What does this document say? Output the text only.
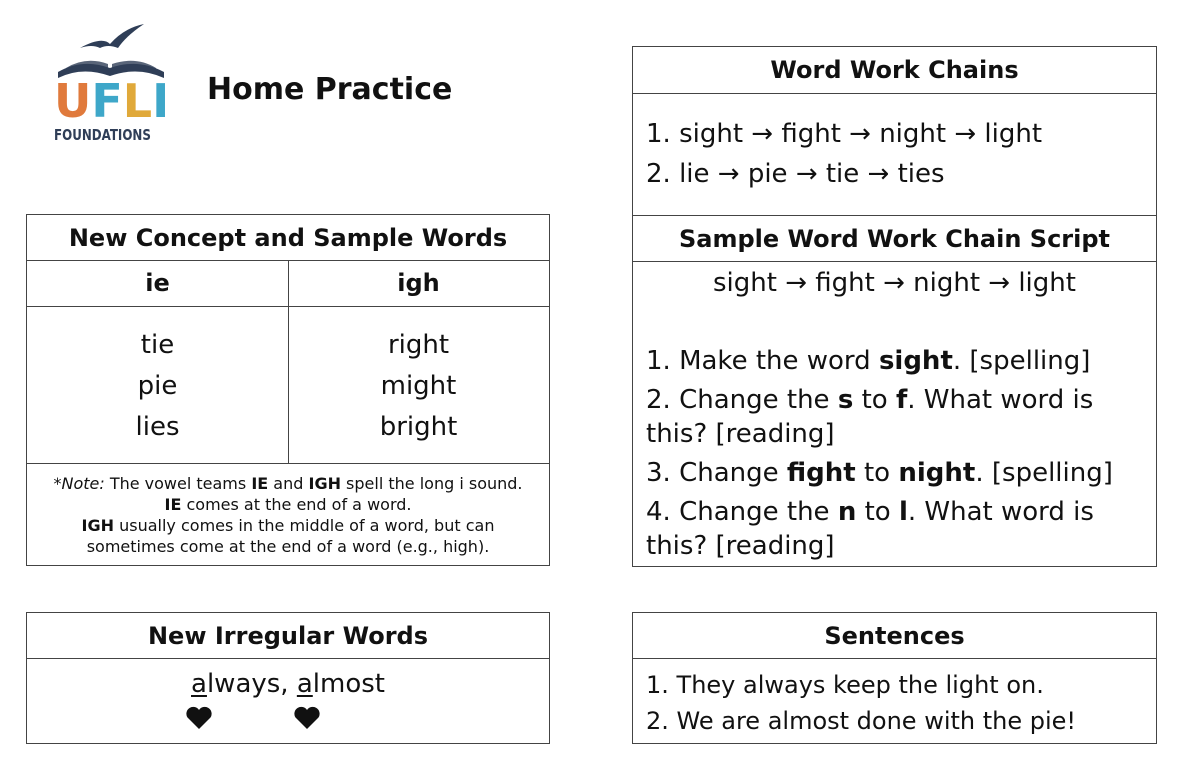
UFLI
FOUNDATIONS
Home Practice
New Concept and Sample Words
ie	igh
tie
pie
lies
right
might
bright
*Note: The vowel teams IE and IGH spell the long i sound.
IE comes at the end of a word.
IGH usually comes in the middle of a word, but can
sometimes come at the end of a word (e.g., high).
New Irregular Words
always, almost
Word Work Chains
1. sight → fight → night → light
2. lie → pie → tie → ties
Sample Word Work Chain Script
sight → fight → night → light
1. Make the word sight. [spelling]
2. Change the s to f. What word is this? [reading]
3. Change fight to night. [spelling]
4. Change the n to l. What word is this? [reading]
Sentences
1. They always keep the light on.
2. We are almost done with the pie!
